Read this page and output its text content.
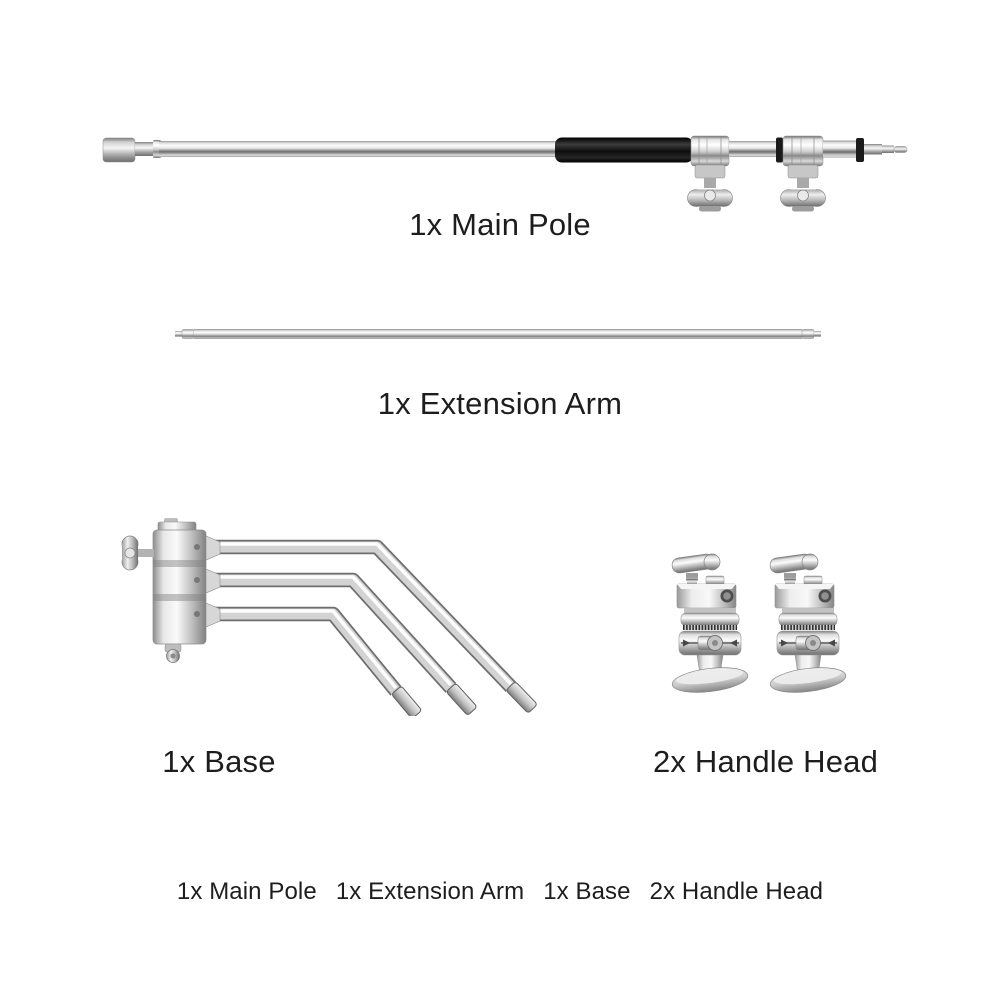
1x Main Pole
1x Extension Arm
1x Base	2x Handle Head
1x Main Pole 1x Extension Arm 1x Base 2x Handle Head
